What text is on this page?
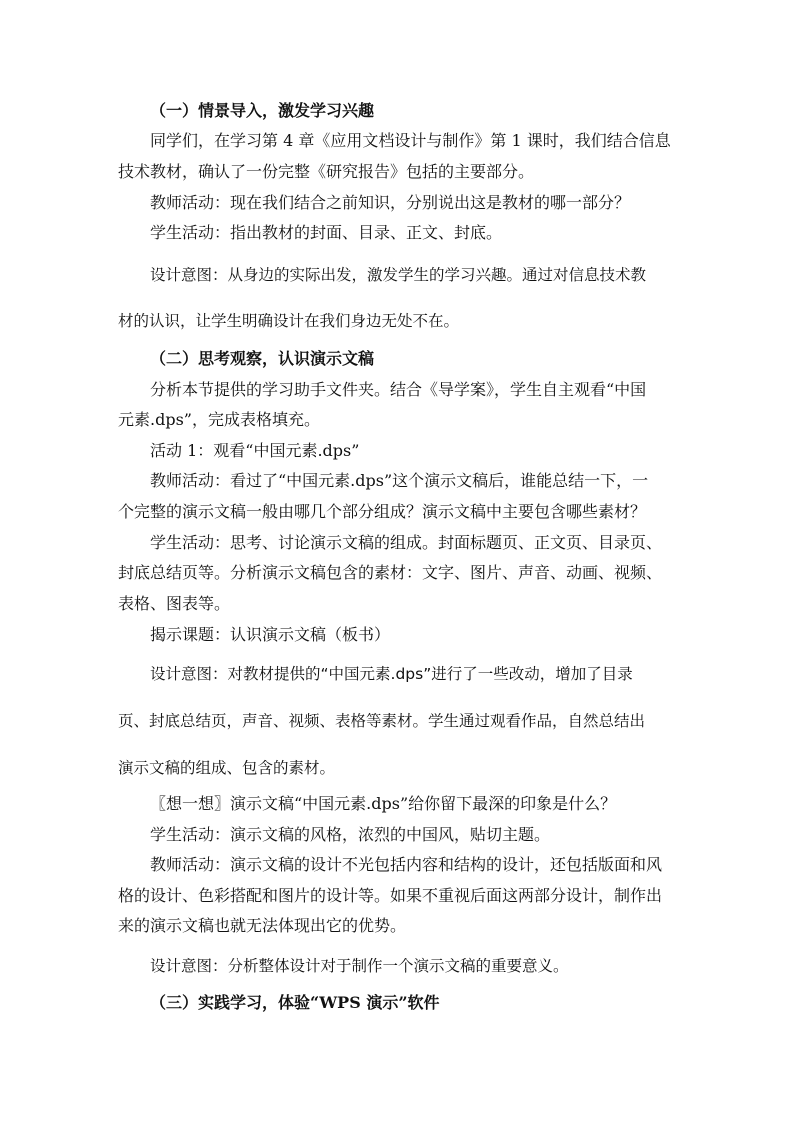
（一）情景导入，激发学习兴趣
同学们，在学习第 4 章《应用文档设计与制作》第 1 课时，我们结合信息
技术教材，确认了一份完整《研究报告》包括的主要部分。
教师活动：现在我们结合之前知识，分别说出这是教材的哪一部分？
学生活动：指出教材的封面、目录、正文、封底。
设计意图：从身边的实际出发，激发学生的学习兴趣。通过对信息技术教
材的认识，让学生明确设计在我们身边无处不在。
（二）思考观察，认识演示文稿
分析本节提供的学习助手文件夹。结合《导学案》，学生自主观看“中国
元素.dps”，完成表格填充。
活动 1：观看“中国元素.dps”
教师活动：看过了“中国元素.dps”这个演示文稿后，谁能总结一下，一
个完整的演示文稿一般由哪几个部分组成？演示文稿中主要包含哪些素材？
学生活动：思考、讨论演示文稿的组成。封面标题页、正文页、目录页、
封底总结页等。分析演示文稿包含的素材：文字、图片、声音、动画、视频、
表格、图表等。
揭示课题：认识演示文稿（板书）
设计意图：对教材提供的“中国元素.dps”进行了一些改动，增加了目录
页、封底总结页，声音、视频、表格等素材。学生通过观看作品，自然总结出
演示文稿的组成、包含的素材。
〖想一想〗演示文稿“中国元素.dps”给你留下最深的印象是什么？
学生活动：演示文稿的风格，浓烈的中国风，贴切主题。
教师活动：演示文稿的设计不光包括内容和结构的设计，还包括版面和风
格的设计、色彩搭配和图片的设计等。如果不重视后面这两部分设计，制作出
来的演示文稿也就无法体现出它的优势。
设计意图：分析整体设计对于制作一个演示文稿的重要意义。
（三）实践学习，体验“WPS 演示”软件
